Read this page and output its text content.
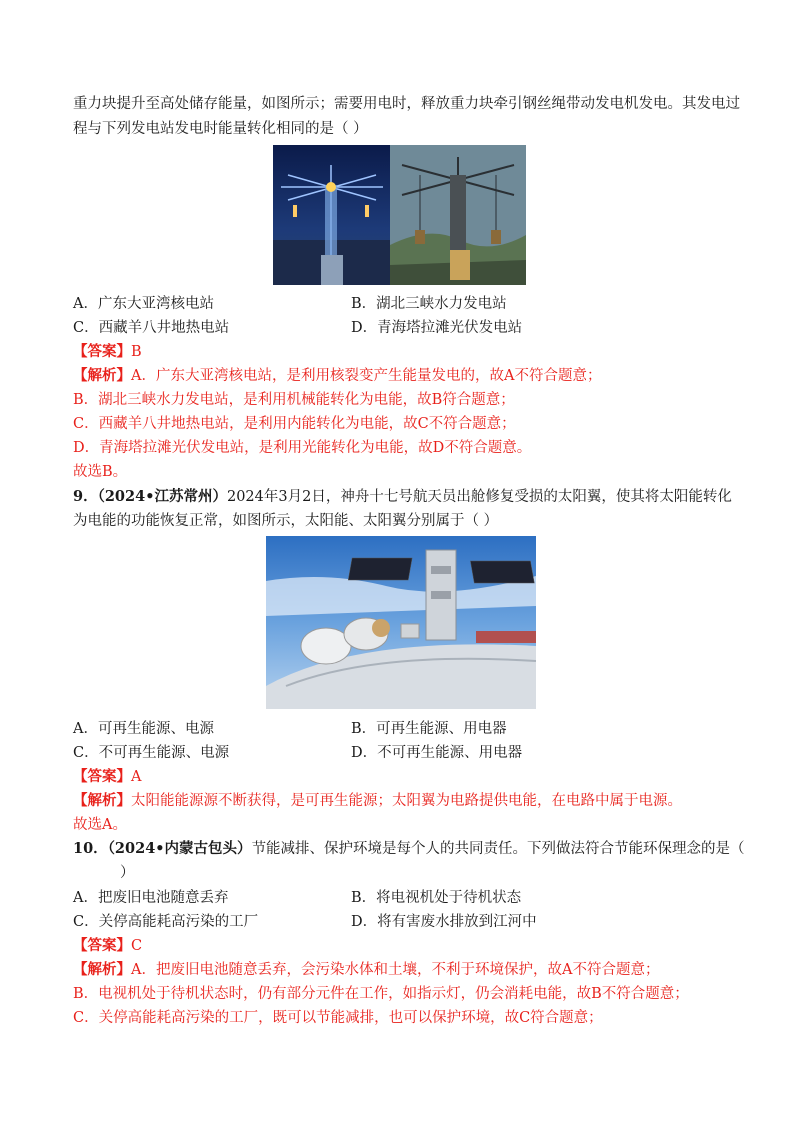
重力块提升至高处储存能量，如图所示；需要用电时，释放重力块牵引钢丝绳带动发电机发电。其发电过
程与下列发电站发电时能量转化相同的是（ ）
A．广东大亚湾核电站	B．湖北三峡水力发电站
C．西藏羊八井地热电站	D．青海塔拉滩光伏发电站
【答案】B
【解析】A．广东大亚湾核电站，是利用核裂变产生能量发电的，故A不符合题意；
B．湖北三峡水力发电站，是利用机械能转化为电能，故B符合题意；
C．西藏羊八井地热电站，是利用内能转化为电能，故C不符合题意；
D．青海塔拉滩光伏发电站，是利用光能转化为电能，故D不符合题意。
故选B。
9．（2024•江苏常州）2024年3月2日，神舟十七号航天员出舱修复受损的太阳翼，使其将太阳能转化
为电能的功能恢复正常，如图所示，太阳能、太阳翼分别属于（ ）
A．可再生能源、电源	B．可再生能源、用电器
C．不可再生能源、电源	D．不可再生能源、用电器
【答案】A
【解析】太阳能能源源不断获得，是可再生能源；太阳翼为电路提供电能，在电路中属于电源。
故选A。
10．（2024•内蒙古包头）节能减排、保护环境是每个人的共同责任。下列做法符合节能环保理念的是（
）
A．把废旧电池随意丢弃	B．将电视机处于待机状态
C．关停高能耗高污染的工厂	D．将有害废水排放到江河中
【答案】C
【解析】A．把废旧电池随意丢弃，会污染水体和土壤，不利于环境保护，故A不符合题意；
B．电视机处于待机状态时，仍有部分元件在工作，如指示灯，仍会消耗电能，故B不符合题意；
C．关停高能耗高污染的工厂，既可以节能减排，也可以保护环境，故C符合题意；
